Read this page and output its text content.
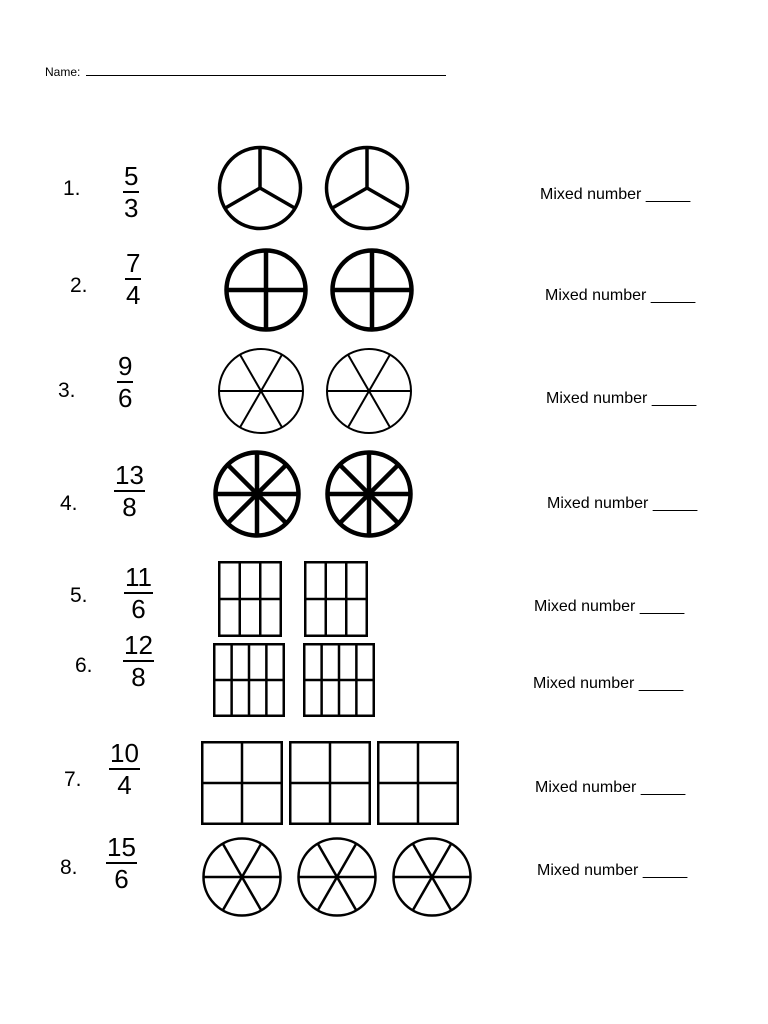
Name:
1. 5
3	Mixed number _____
2.
7
4	Mixed number _____
3.
9
6	Mixed number _____
4.
13
8	Mixed number _____
5.
11
6	Mixed number _____
6.
12
8	Mixed number _____
7.
10
4	Mixed number _____
8.
15
6	Mixed number _____
